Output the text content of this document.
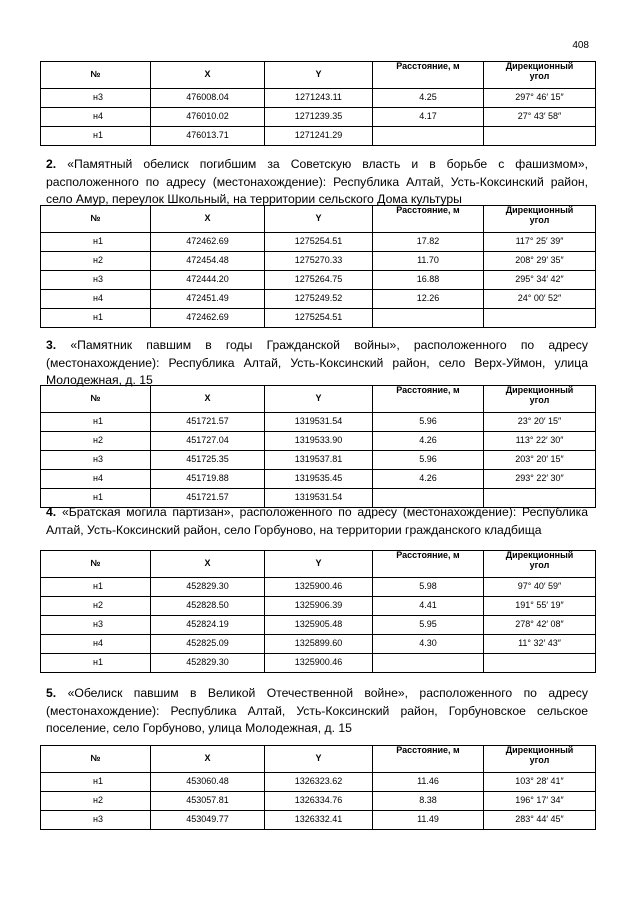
408
№	X	Y	Расстояние, м	Дирекционный
угол
н3	476008.04	1271243.11	4.25	297° 46′ 15″
н4	476010.02	1271239.35	4.17	27° 43′ 58″
н1	476013.71	1271241.29		
2. «Памятный обелиск погибшим за Советскую власть и в борьбе с фашизмом», расположенного по адресу (местонахождение): Республика Алтай, Усть-Коксинский район, село Амур, переулок Школьный, на территории сельского Дома культуры
№	X	Y	Расстояние, м	Дирекционный
угол
н1	472462.69	1275254.51	17.82	117° 25′ 39″
н2	472454.48	1275270.33	11.70	208° 29′ 35″
н3	472444.20	1275264.75	16.88	295° 34′ 42″
н4	472451.49	1275249.52	12.26	24° 00′ 52″
н1	472462.69	1275254.51		
3. «Памятник павшим в годы Гражданской войны», расположенного по адресу (местонахождение): Республика Алтай, Усть-Коксинский район, село Верх-Уймон, улица Молодежная, д. 15
№	X	Y	Расстояние, м	Дирекционный
угол
н1	451721.57	1319531.54	5.96	23° 20′ 15″
н2	451727.04	1319533.90	4.26	113° 22′ 30″
н3	451725.35	1319537.81	5.96	203° 20′ 15″
н4	451719.88	1319535.45	4.26	293° 22′ 30″
н1	451721.57	1319531.54		
4. «Братская могила партизан», расположенного по адресу (местонахождение): Республика Алтай, Усть-Коксинский район, село Горбуново, на территории гражданского кладбища
№	X	Y	Расстояние, м	Дирекционный
угол
н1	452829.30	1325900.46	5.98	97° 40′ 59″
н2	452828.50	1325906.39	4.41	191° 55′ 19″
н3	452824.19	1325905.48	5.95	278° 42′ 08″
н4	452825.09	1325899.60	4.30	11° 32′ 43″
н1	452829.30	1325900.46		
5. «Обелиск павшим в Великой Отечественной войне», расположенного по адресу (местонахождение): Республика Алтай, Усть-Коксинский район, Горбуновское сельское поселение, село Горбуново, улица Молодежная, д. 15
№	X	Y	Расстояние, м	Дирекционный
угол
н1	453060.48	1326323.62	11.46	103° 28′ 41″
н2	453057.81	1326334.76	8.38	196° 17′ 34″
н3	453049.77	1326332.41	11.49	283° 44′ 45″
